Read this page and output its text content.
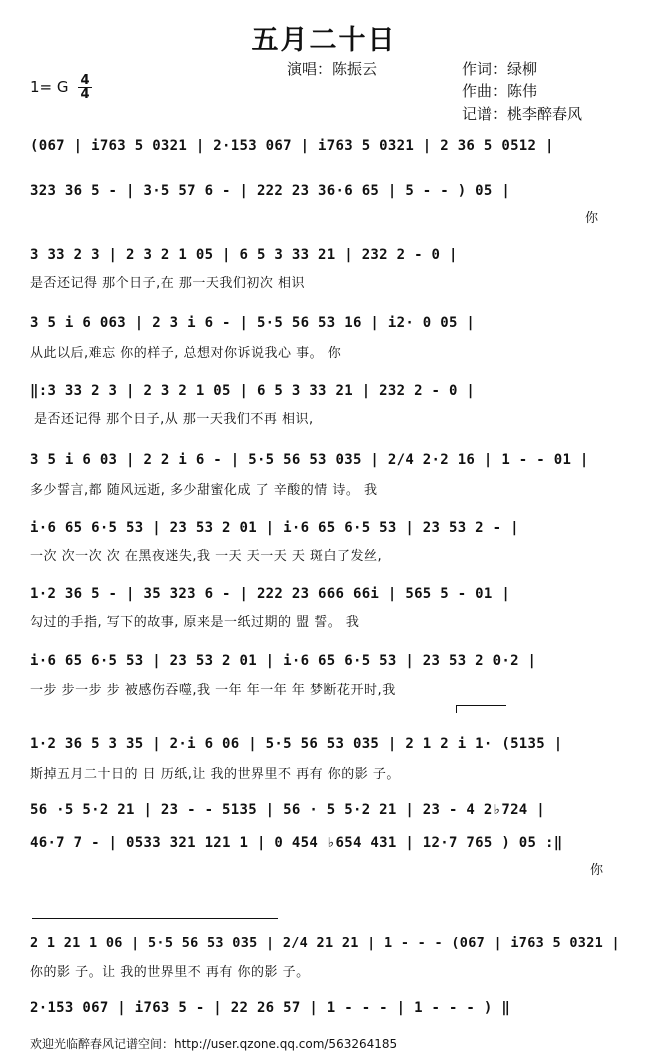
五月二十日
演唱：陈振云	作词：绿柳
作曲：陈伟
记谱：桃李醉春风
1= G 4
4
(067 | i763 5 0321 | 2·153 067 | i763 5 0321 | 2 36 5 0512 |
323 36 5 - | 3·5 57 6 - | 222 23 36·6 65 | 5 - - ) 05 |
你
3 33 2 3 | 2 3 2 1 05 | 6 5 3 33 21 | 232 2 - 0 |
是否还记得 那个日子,在 那一天我们初次 相识
3 5 i 6 063 | 2 3 i 6 - | 5·5 56 53 16 | i2· 0 05 |
从此以后,难忘 你的样子, 总想对你诉说我心 事。 你
‖:3 33 2 3 | 2 3 2 1 05 | 6 5 3 33 21 | 232 2 - 0 |
是否还记得 那个日子,从 那一天我们不再 相识,
3 5 i 6 03 | 2 2 i 6 - | 5·5 56 53 035 | 2/4 2·2 16 | 1 - - 01 |
多少誓言,都 随风远逝, 多少甜蜜化成 了 辛酸的情 诗。 我
i·6 65 6·5 53 | 23 53 2 01 | i·6 65 6·5 53 | 23 53 2 - |
一次 次一次 次 在黑夜迷失,我 一天 天一天 天 斑白了发丝,
1·2 36 5 - | 35 323 6 - | 222 23 666 66i | 565 5 - 01 |
勾过的手指, 写下的故事, 原来是一纸过期的 盟 誓。 我
i·6 65 6·5 53 | 23 53 2 01 | i·6 65 6·5 53 | 23 53 2 0·2 |
一步 步一步 步 被感伤吞噬,我 一年 年一年 年 梦断花开时,我
1·2 36 5 3 35 | 2·i 6 06 | 5·5 56 53 035 | 2 1 2 i 1· (5135 |
斯掉五月二十日的 日 历纸,让 我的世界里不 再有 你的影 子。
56 ·5 5·2 21 | 23 - - 5135 | 56 · 5 5·2 21 | 23 - 4 2♭724 |
46·7 7 - | 0533 321 121 1 | 0 454 ♭654 431 | 12·7 765 ) 05 :‖
你
2 1 21 1 06 | 5·5 56 53 035 | 2/4 21 21 | 1 - - - (067 | i763 5 0321 |
你的影 子。让 我的世界里不 再有 你的影 子。
2·153 067 | i763 5 - | 22 26 57 | 1 - - - | 1 - - - ) ‖
欢迎光临醉春风记谱空间：http://user.qzone.qq.com/563264185
